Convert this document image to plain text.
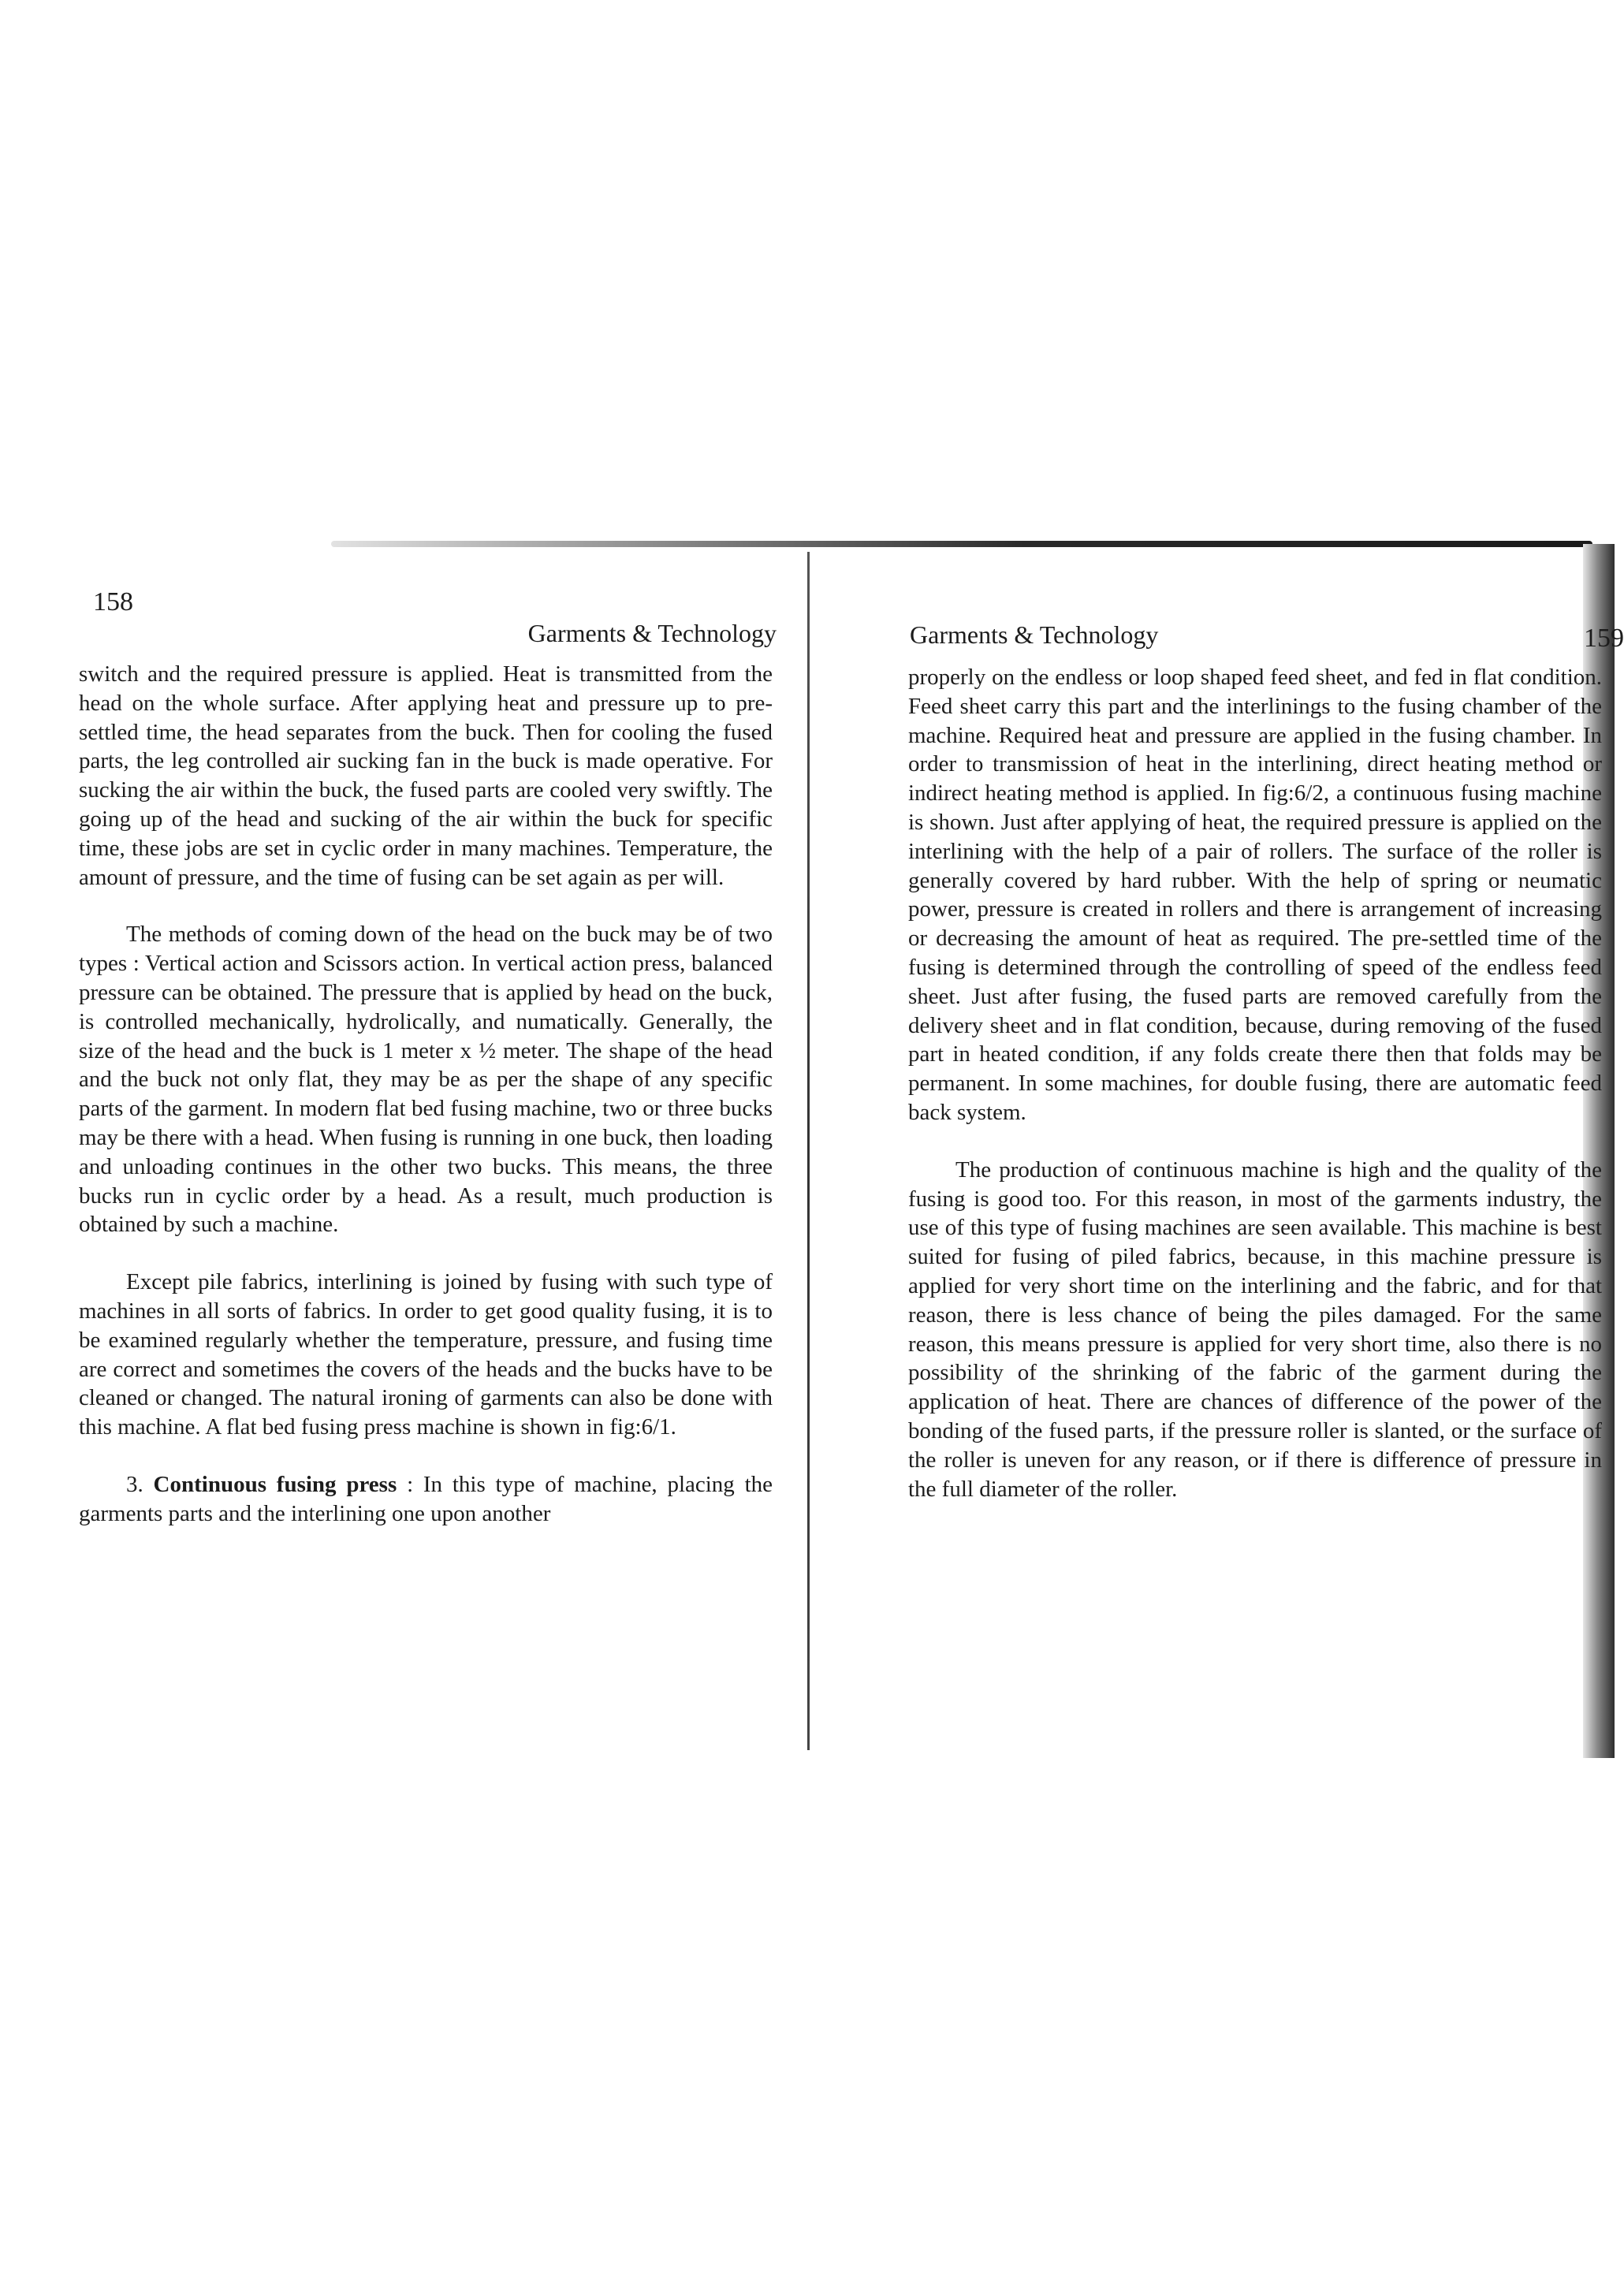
158
Garments & Technology

switch and the required pressure is applied. Heat is transmitted from the head on the whole surface. After applying heat and pressure up to pre-settled time, the head separates from the buck. Then for cooling the fused parts, the leg controlled air sucking fan in the buck is made operative. For sucking the air within the buck, the fused parts are cooled very swiftly. The going up of the head and sucking of the air within the buck for specific time, these jobs are set in cyclic order in many machines. Temperature, the amount of pressure, and the time of fusing can be set again as per will.

The methods of coming down of the head on the buck may be of two types : Vertical action and Scissors action. In vertical action press, balanced pressure can be obtained. The pressure that is applied by head on the buck, is controlled mechanically, hydrolically, and numatically. Generally, the size of the head and the buck is 1 meter x ½ meter. The shape of the head and the buck not only flat, they may be as per the shape of any specific parts of the garment. In modern flat bed fusing machine, two or three bucks may be there with a head. When fusing is running in one buck, then loading and unloading continues in the other two bucks. This means, the three bucks run in cyclic order by a head. As a result, much production is obtained by such a machine.

Except pile fabrics, interlining is joined by fusing with such type of machines in all sorts of fabrics. In order to get good quality fusing, it is to be examined regularly whether the temperature, pressure, and fusing time are correct and sometimes the covers of the heads and the bucks have to be cleaned or changed. The natural ironing of garments can also be done with this machine. A flat bed fusing press machine is shown in fig:6/1.

3. Continuous fusing press : In this type of machine, placing the garments parts and the interlining one upon another

Garments & Technology	159

properly on the endless or loop shaped feed sheet, and fed in flat condition. Feed sheet carry this part and the interlinings to the fusing chamber of the machine. Required heat and pressure are applied in the fusing chamber. In order to transmission of heat in the interlining, direct heating method or indirect heating method is applied. In fig:6/2, a continuous fusing machine is shown. Just after applying of heat, the required pressure is applied on the interlining with the help of a pair of rollers. The surface of the roller is generally covered by hard rubber. With the help of spring or neumatic power, pressure is created in rollers and there is arrangement of increasing or decreasing the amount of heat as required. The pre-settled time of the fusing is determined through the controlling of speed of the endless feed sheet. Just after fusing, the fused parts are removed carefully from the delivery sheet and in flat condition, because, during removing of the fused part in heated condition, if any folds create there then that folds may be permanent. In some machines, for double fusing, there are automatic feed back system.

The production of continuous machine is high and the quality of the fusing is good too. For this reason, in most of the garments industry, the use of this type of fusing machines are seen available. This machine is best suited for fusing of piled fabrics, because, in this machine pressure is applied for very short time on the interlining and the fabric, and for that reason, there is less chance of being the piles damaged. For the same reason, this means pressure is applied for very short time, also there is no possibility of the shrinking of the fabric of the garment during the application of heat. There are chances of difference of the power of the bonding of the fused parts, if the pressure roller is slanted, or the surface of the roller is uneven for any reason, or if there is difference of pressure in the full diameter of the roller.
